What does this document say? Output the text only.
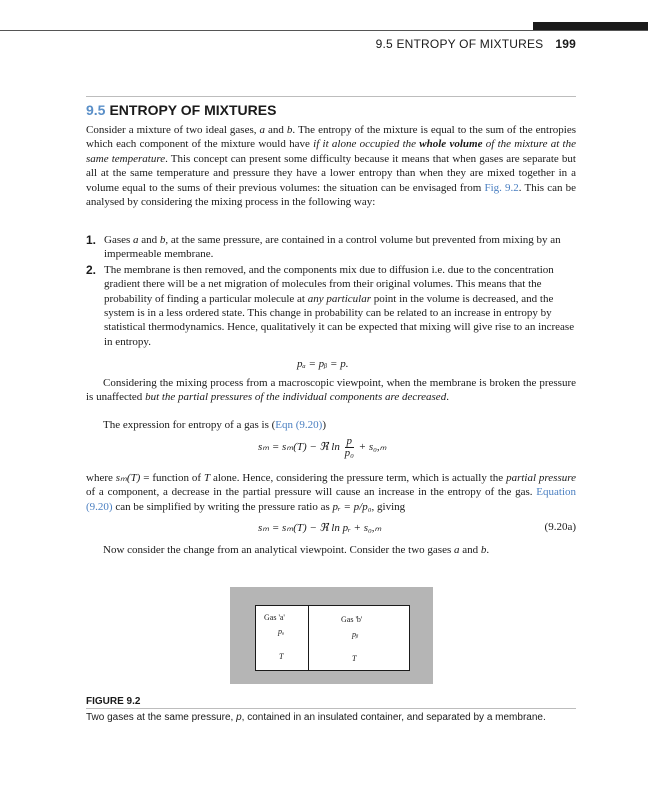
9.5 ENTROPY OF MIXTURES 199
9.5 ENTROPY OF MIXTURES

Consider a mixture of two ideal gases, a and b. The entropy of the mixture is equal to the sum of the entropies which each component of the mixture would have if it alone occupied the whole volume of the mixture at the same temperature. This concept can present some difficulty because it means that when gases are separate but all at the same temperature and pressure they have a lower entropy than when they are mixed together in a volume equal to the sums of their previous volumes: the situation can be envisaged from Fig. 9.2. This can be analysed by considering the mixing process in the following way:

1. Gases a and b, at the same pressure, are contained in a control volume but prevented from mixing by an impermeable membrane.
2. The membrane is then removed, and the components mix due to diffusion i.e. due to the concentration gradient there will be a net migration of molecules from their original volumes. This means that the probability of finding a particular molecule at any particular point in the volume is decreased, and the system is in a less ordered state. This change in probability can be related to an increase in entropy by statistical thermodynamics. Hence, qualitatively it can be expected that mixing will give rise to an increase in entropy.
pₐ = pᵦ = p.

Considering the mixing process from a macroscopic viewpoint, when the membrane is broken the pressure is unaffected but the partial pressures of the individual components are decreased.

The expression for entropy of a gas is (Eqn (9.20))

sₘ = sₘ(T) − ℜ $\ln \frac{p}{\text{p₀}} + s_0,_m$

where sₘ(T) = function of T alone. Hence, considering the pressure term, which is actually the partial pressure of a component, a decrease in the partial pressure will cause an increase in the entropy of the gas. Equation (9.20) can be simplified by writing the pressure ratio as pᵣ = p/p₀, giving

sₘ = sₘ(T) − ℜ ln pᵣ + s₀,ₘ	(9.20a)

Now consider the change from an analytical viewpoint. Consider the two gases a and b.

Gas 'a'
pₐ
T
Gas 'b'
pᵦ
T
FIGURE 9.2
Two gases at the same pressure, p, contained in an insulated container, and separated by a membrane.
